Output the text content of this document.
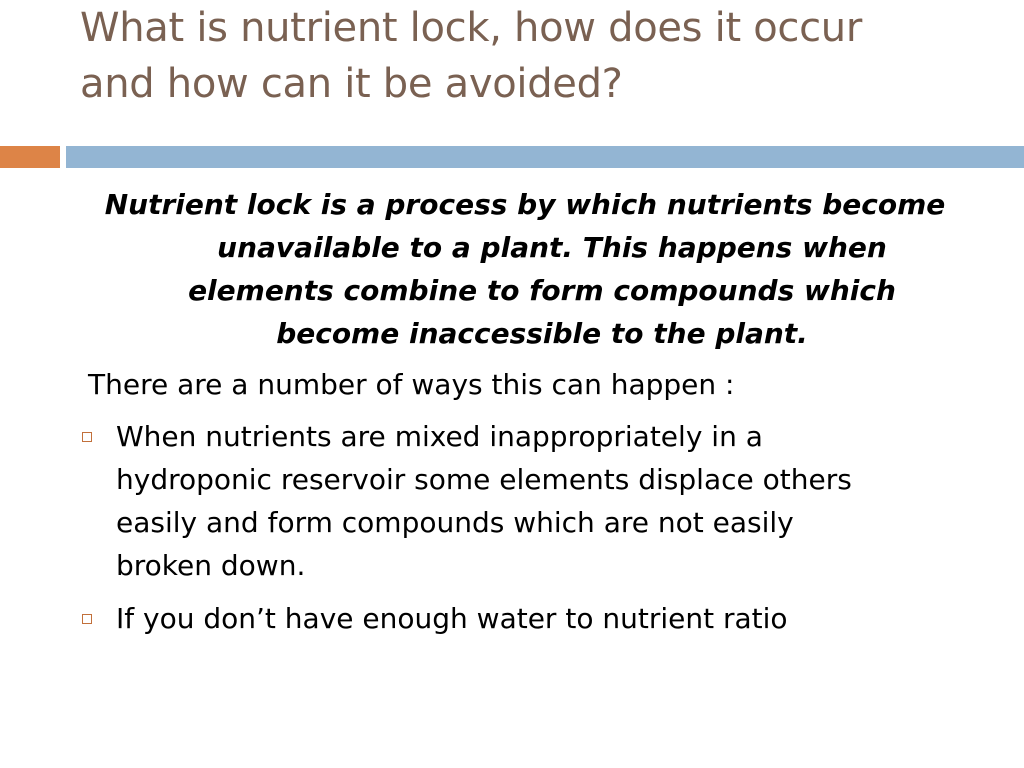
What is nutrient lock, how does it occur
and how can it be avoided?

Nutrient lock is a process by which nutrients become
unavailable to a plant. This happens when
elements combine to form compounds which
become inaccessible to the plant.

There are a number of ways this can happen :

When nutrients are mixed inappropriately in a
hydroponic reservoir some elements displace others
easily and form compounds which are not easily
broken down.
If you don’t have enough water to nutrient ratio
